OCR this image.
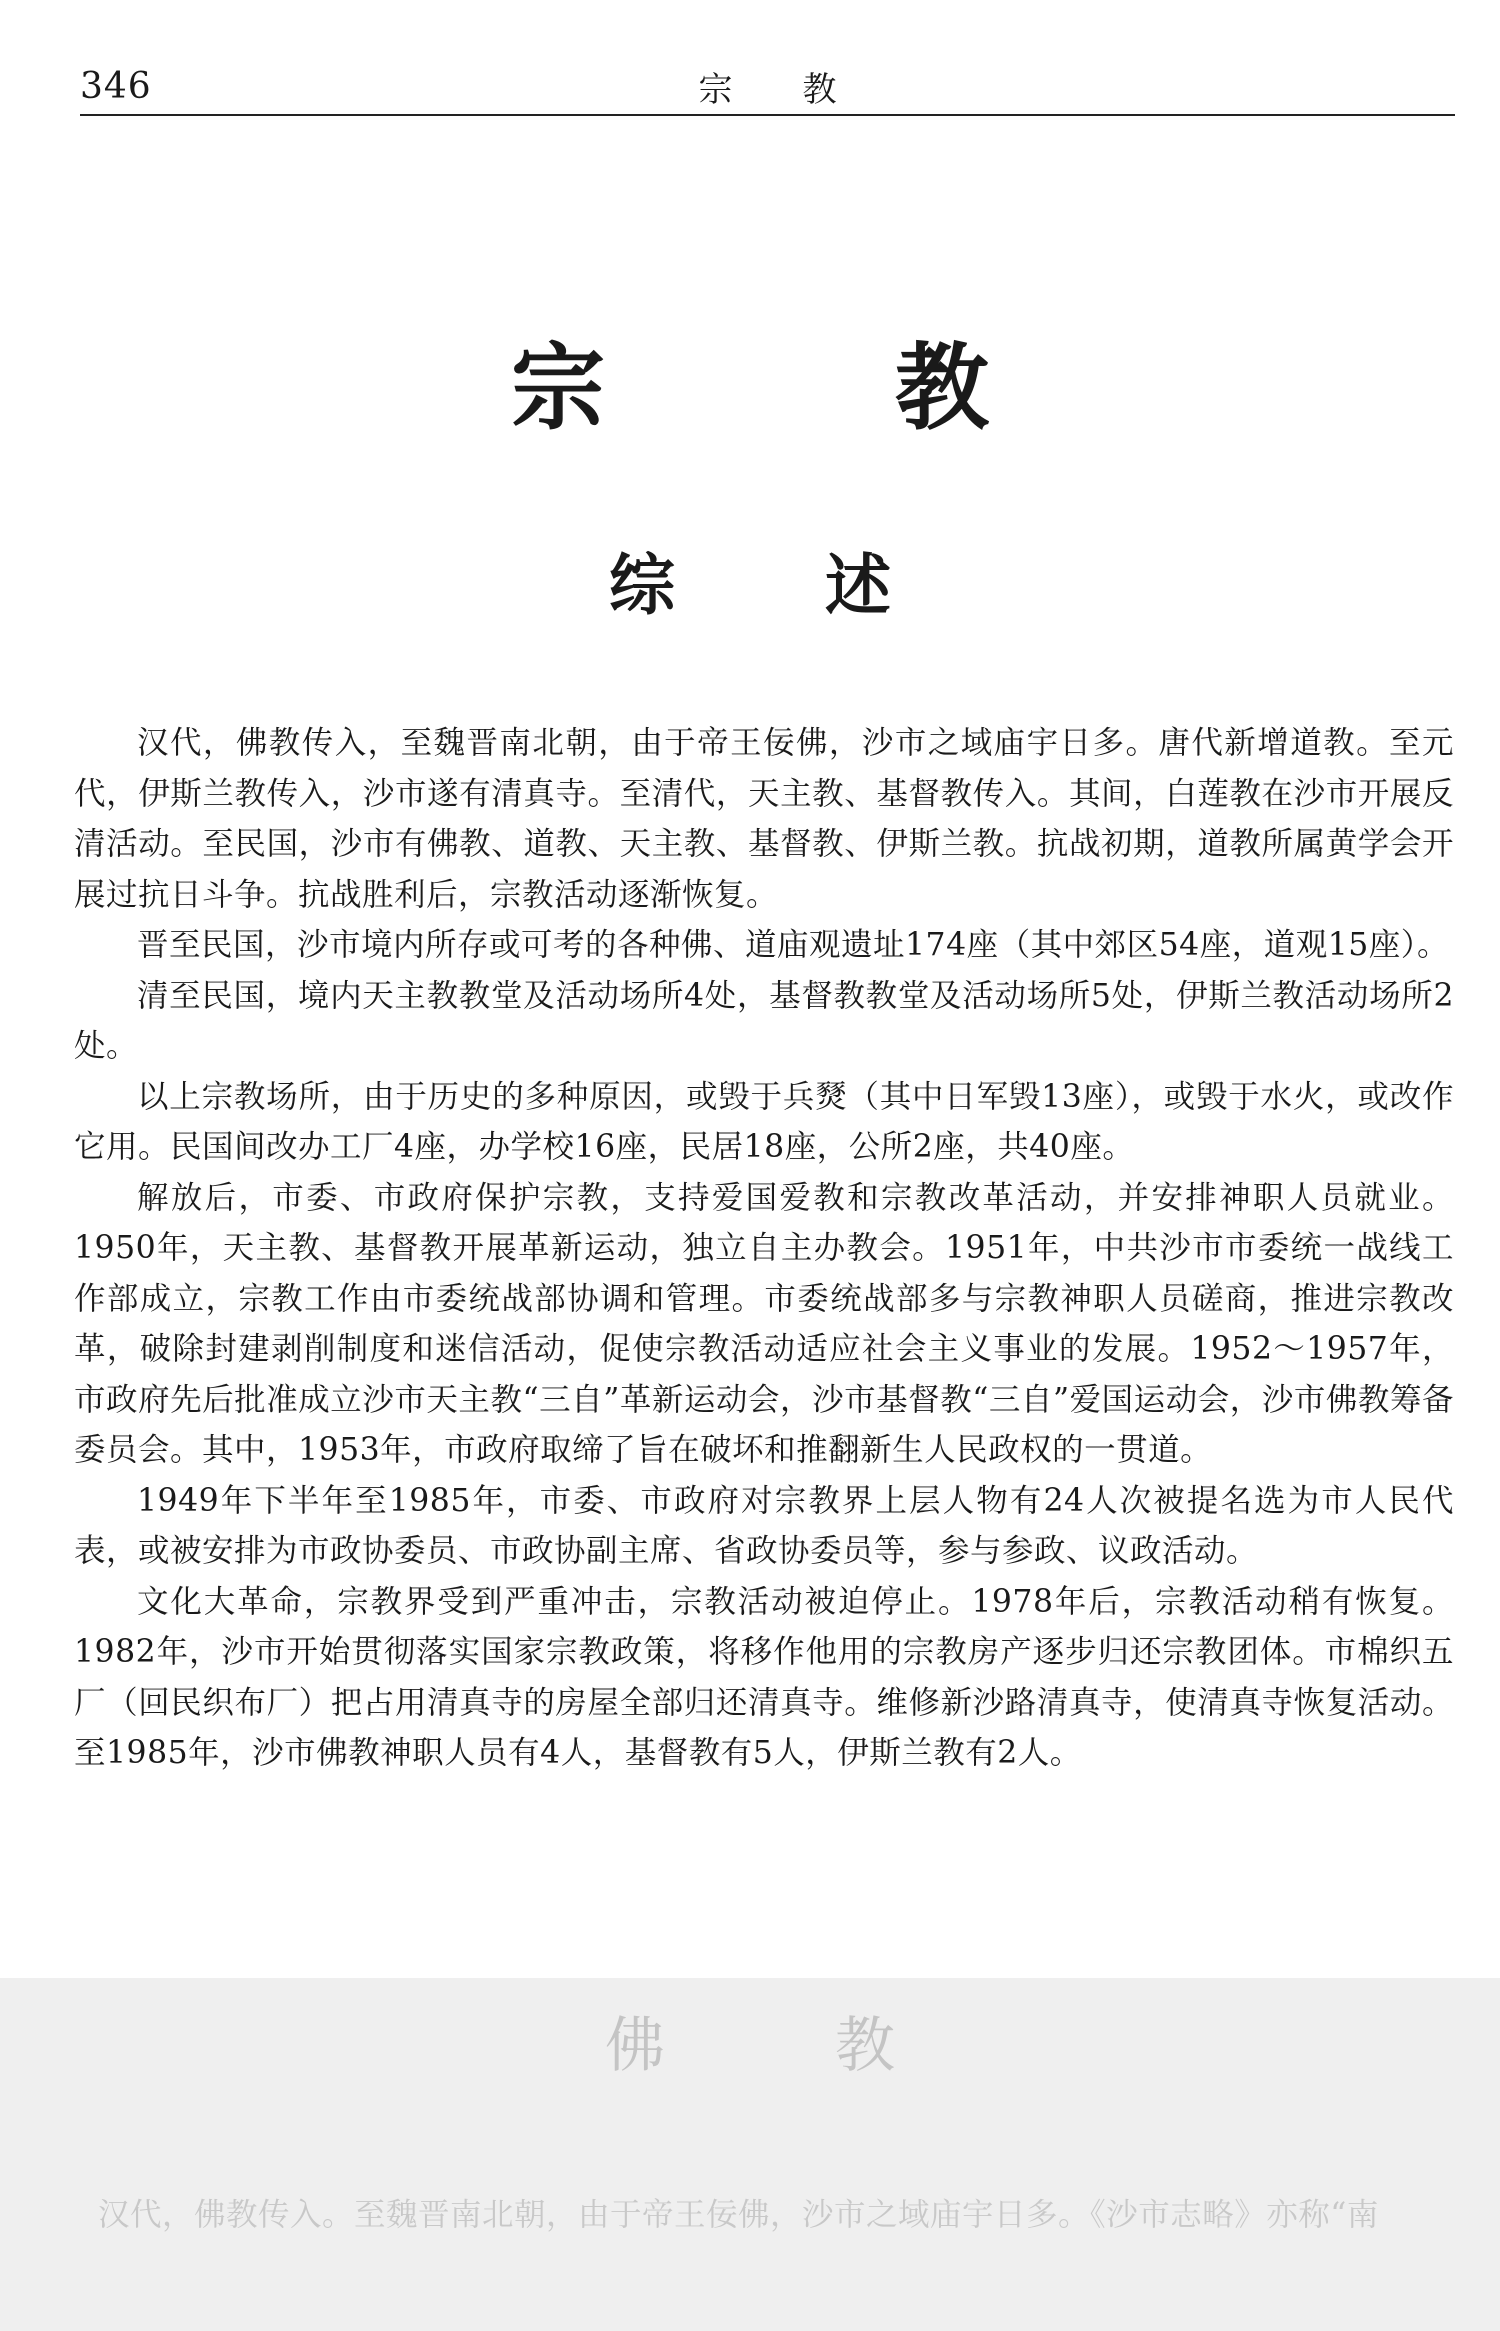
346	宗教
宗教
综述

汉代，佛教传入，至魏晋南北朝，由于帝王佞佛，沙市之域庙宇日多。唐代新增道教。至元代，伊斯兰教传入，沙市遂有清真寺。至清代，天主教、基督教传入。其间，白莲教在沙市开展反清活动。至民国，沙市有佛教、道教、天主教、基督教、伊斯兰教。抗战初期，道教所属黄学会开展过抗日斗争。抗战胜利后，宗教活动逐渐恢复。

晋至民国，沙市境内所存或可考的各种佛、道庙观遗址174座（其中郊区54座，道观15座）。

清至民国，境内天主教教堂及活动场所4处，基督教教堂及活动场所5处，伊斯兰教活动场所2处。

以上宗教场所，由于历史的多种原因，或毁于兵燹（其中日军毁13座），或毁于水火，或改作它用。民国间改办工厂4座，办学校16座，民居18座，公所2座，共40座。

解放后，市委、市政府保护宗教，支持爱国爱教和宗教改革活动，并安排神职人员就业。1950年，天主教、基督教开展革新运动，独立自主办教会。1951年，中共沙市市委统一战线工作部成立，宗教工作由市委统战部协调和管理。市委统战部多与宗教神职人员磋商，推进宗教改革，破除封建剥削制度和迷信活动，促使宗教活动适应社会主义事业的发展。1952～1957年，市政府先后批准成立沙市天主教“三自”革新运动会，沙市基督教“三自”爱国运动会，沙市佛教筹备委员会。其中，1953年，市政府取缔了旨在破坏和推翻新生人民政权的一贯道。

1949年下半年至1985年，市委、市政府对宗教界上层人物有24人次被提名选为市人民代表，或被安排为市政协委员、市政协副主席、省政协委员等，参与参政、议政活动。

文化大革命，宗教界受到严重冲击，宗教活动被迫停止。1978年后，宗教活动稍有恢复。1982年，沙市开始贯彻落实国家宗教政策，将移作他用的宗教房产逐步归还宗教团体。市棉织五厂（回民织布厂）把占用清真寺的房屋全部归还清真寺。维修新沙路清真寺，使清真寺恢复活动。至1985年，沙市佛教神职人员有4人，基督教有5人，伊斯兰教有2人。

佛教
汉代，佛教传入。至魏晋南北朝，由于帝王佞佛，沙市之域庙宇日多。《沙市志略》亦称“南
